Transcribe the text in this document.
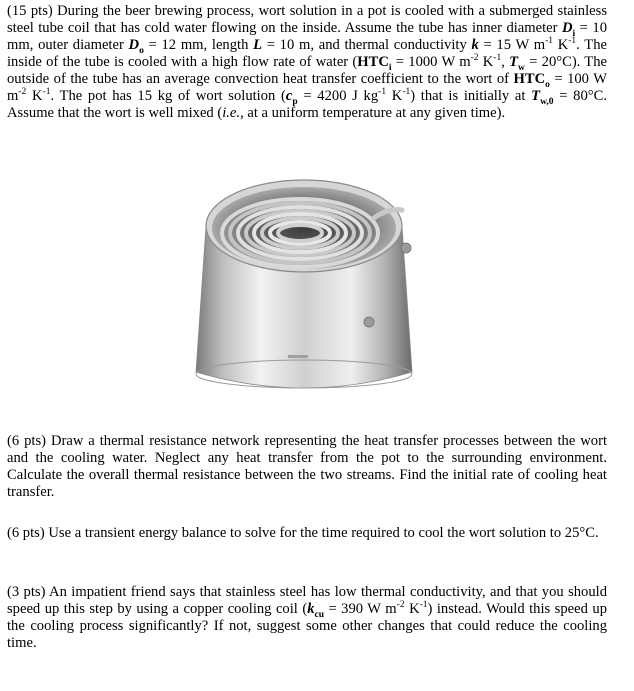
(15 pts) During the beer brewing process, wort solution in a pot is cooled with a submerged stainless steel tube coil that has cold water flowing on the inside. Assume the tube has inner diameter $D_i = 10$ mm, outer diameter $D_o = 12$ mm, length L = 10 m, and thermal conductivity k = 15 W $m^{-1}$ $K^{-1}$. The inside of the tube is cooled with a high flow rate of water ($HTC_i = 1000$ W $m^{-2}$ $K^{-1}$, $T_w = 20^\circ C$). The outside of the tube has an average convection heat transfer coefficient to the wort of $HTC_o = 100$ W $m^{-2}$ $K^{-1}$. The pot has 15 kg of wort solution ($c_p = 4200$ J $kg^{-1}$ $K^{-1}$) that is initially at $T_{w,0} = 80^\circ C$. Assume that the wort is well mixed (i.e., at a uniform temperature at any given time).
(6 pts) Draw a thermal resistance network representing the heat transfer processes between the wort and the cooling water. Neglect any heat transfer from the pot to the surrounding environment. Calculate the overall thermal resistance between the two streams. Find the initial rate of cooling heat transfer.
(6 pts) Use a transient energy balance to solve for the time required to cool the wort solution to 25°C.
(3 pts) An impatient friend says that stainless steel has low thermal conductivity, and that you should speed up this step by using a copper cooling coil ($k_{cu} = 390$ W $m^{-2}$ $K^{-1}$) instead. Would this speed up the cooling process significantly? If not, suggest some other changes that could reduce the cooling time.
